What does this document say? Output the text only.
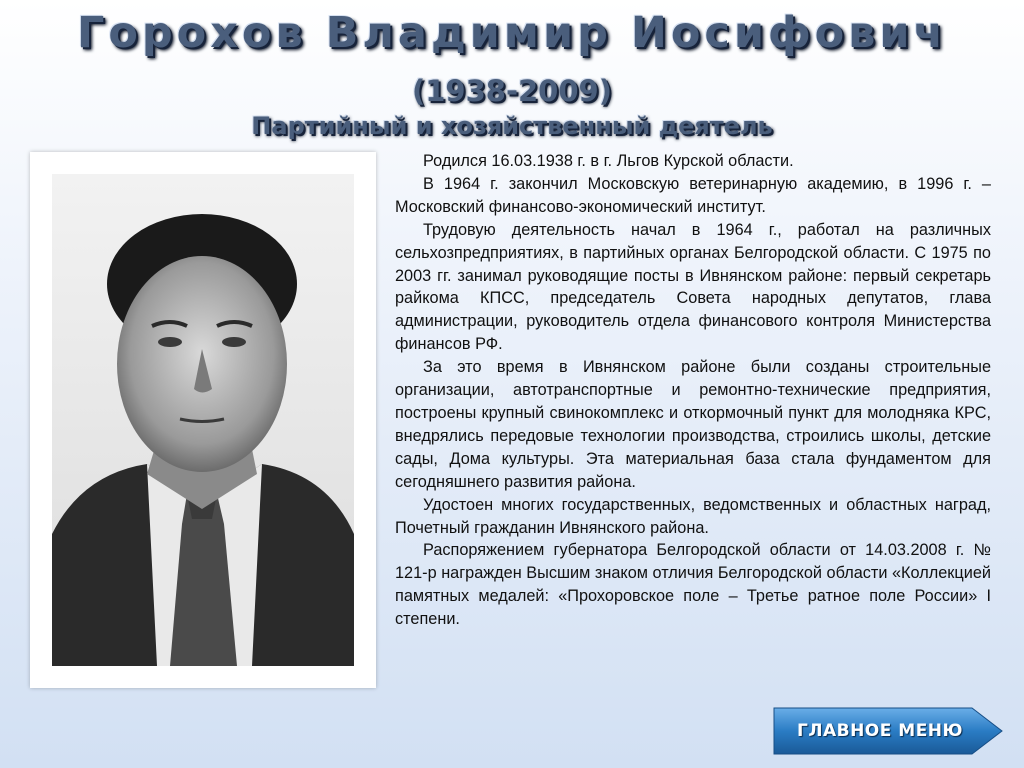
Горохов Владимир Иосифович
(1938-2009)
Партийный и хозяйственный деятель

Родился 16.03.1938 г. в г. Льгов Курской области.

В 1964 г. закончил Московскую ветеринарную академию, в 1996 г. – Московский финансово-экономический институт.

Трудовую деятельность начал в 1964 г., работал на различных сельхозпредприятиях, в партийных органах Белгородской области. С 1975 по 2003 гг. занимал руководящие посты в Ивнянском районе: первый секретарь райкома КПСС, председатель Совета народных депутатов, глава администрации, руководитель отдела финансового контроля Министерства финансов РФ.

За это время в Ивнянском районе были созданы строительные организации, автотранспортные и ремонтно-технические предприятия, построены крупный свинокомплекс и откормочный пункт для молодняка КРС, внедрялись передовые технологии производства, строились школы, детские сады, Дома культуры. Эта материальная база стала фундаментом для сегодняшнего развития района.

Удостоен многих государственных, ведомственных и областных наград, Почетный гражданин Ивнянского района.

Распоряжением губернатора Белгородской области от 14.03.2008 г. № 121-р награжден Высшим знаком отличия Белгородской области «Коллекцией памятных медалей: «Прохоровское поле – Третье ратное поле России» I степени.

ГЛАВНОЕ МЕНЮ
